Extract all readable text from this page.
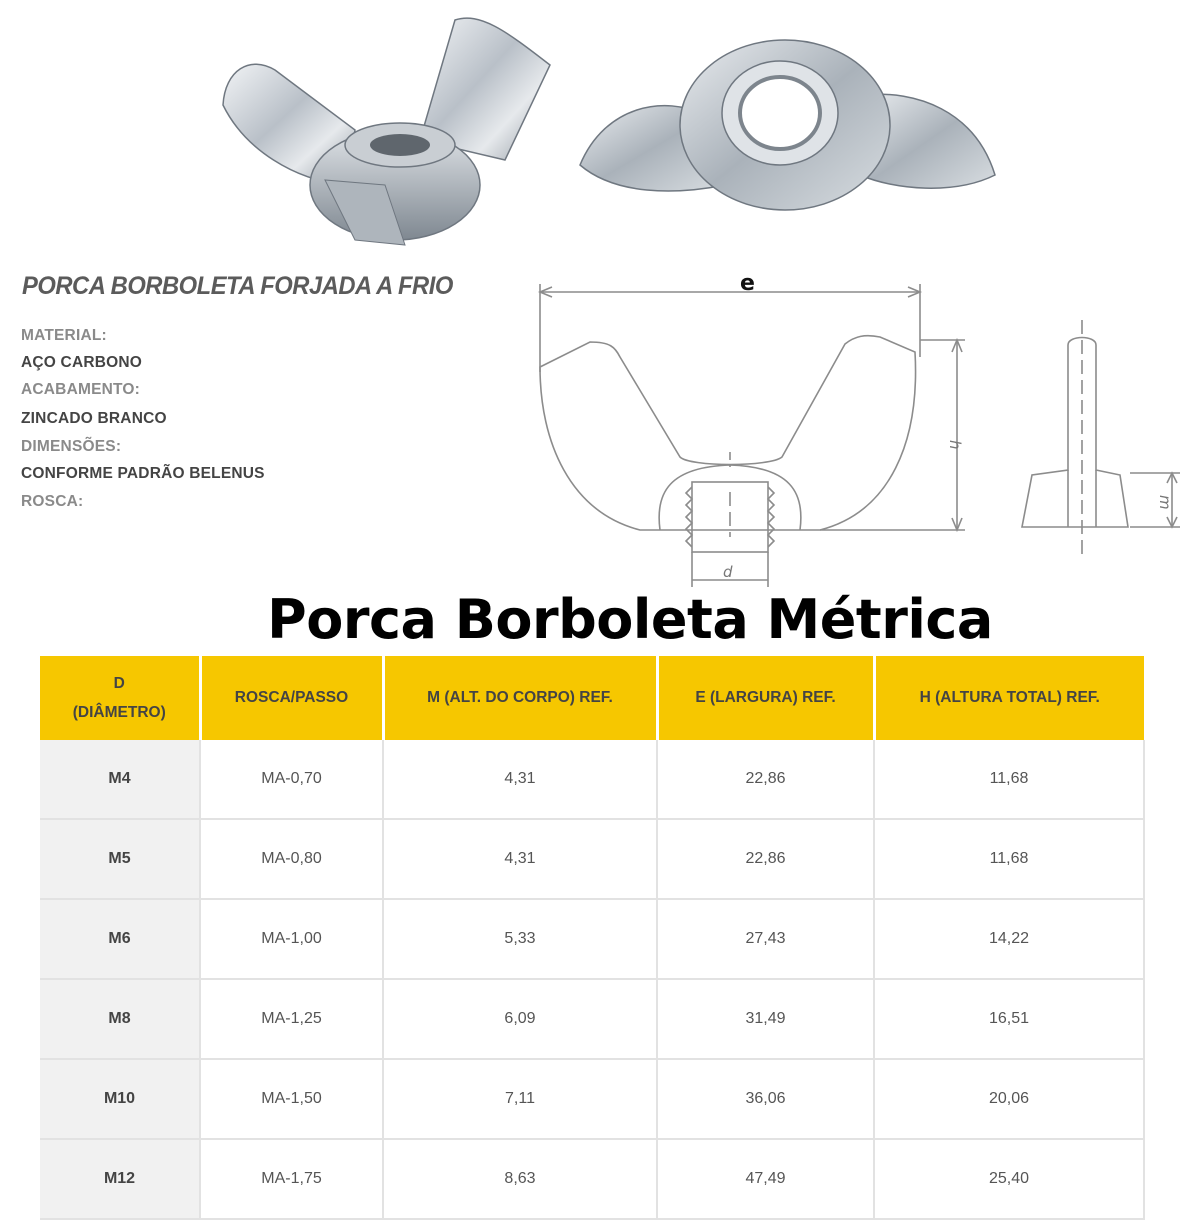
PORCA BORBOLETA FORJADA A FRIO
MATERIAL:
AÇO CARBONO
ACABAMENTO:
ZINCADO BRANCO
DIMENSÕES:
CONFORME PADRÃO BELENUS
ROSCA:
e
d
h
m
Porca Borboleta Métrica
D
(DIÂMETRO)	ROSCA/PASSO	M (ALT. DO CORPO) REF.	E (LARGURA) REF.	H (ALTURA TOTAL) REF.
M4	MA-0,70	4,31	22,86	11,68
M5	MA-0,80	4,31	22,86	11,68
M6	MA-1,00	5,33	27,43	14,22
M8	MA-1,25	6,09	31,49	16,51
M10	MA-1,50	7,11	36,06	20,06
M12	MA-1,75	8,63	47,49	25,40
